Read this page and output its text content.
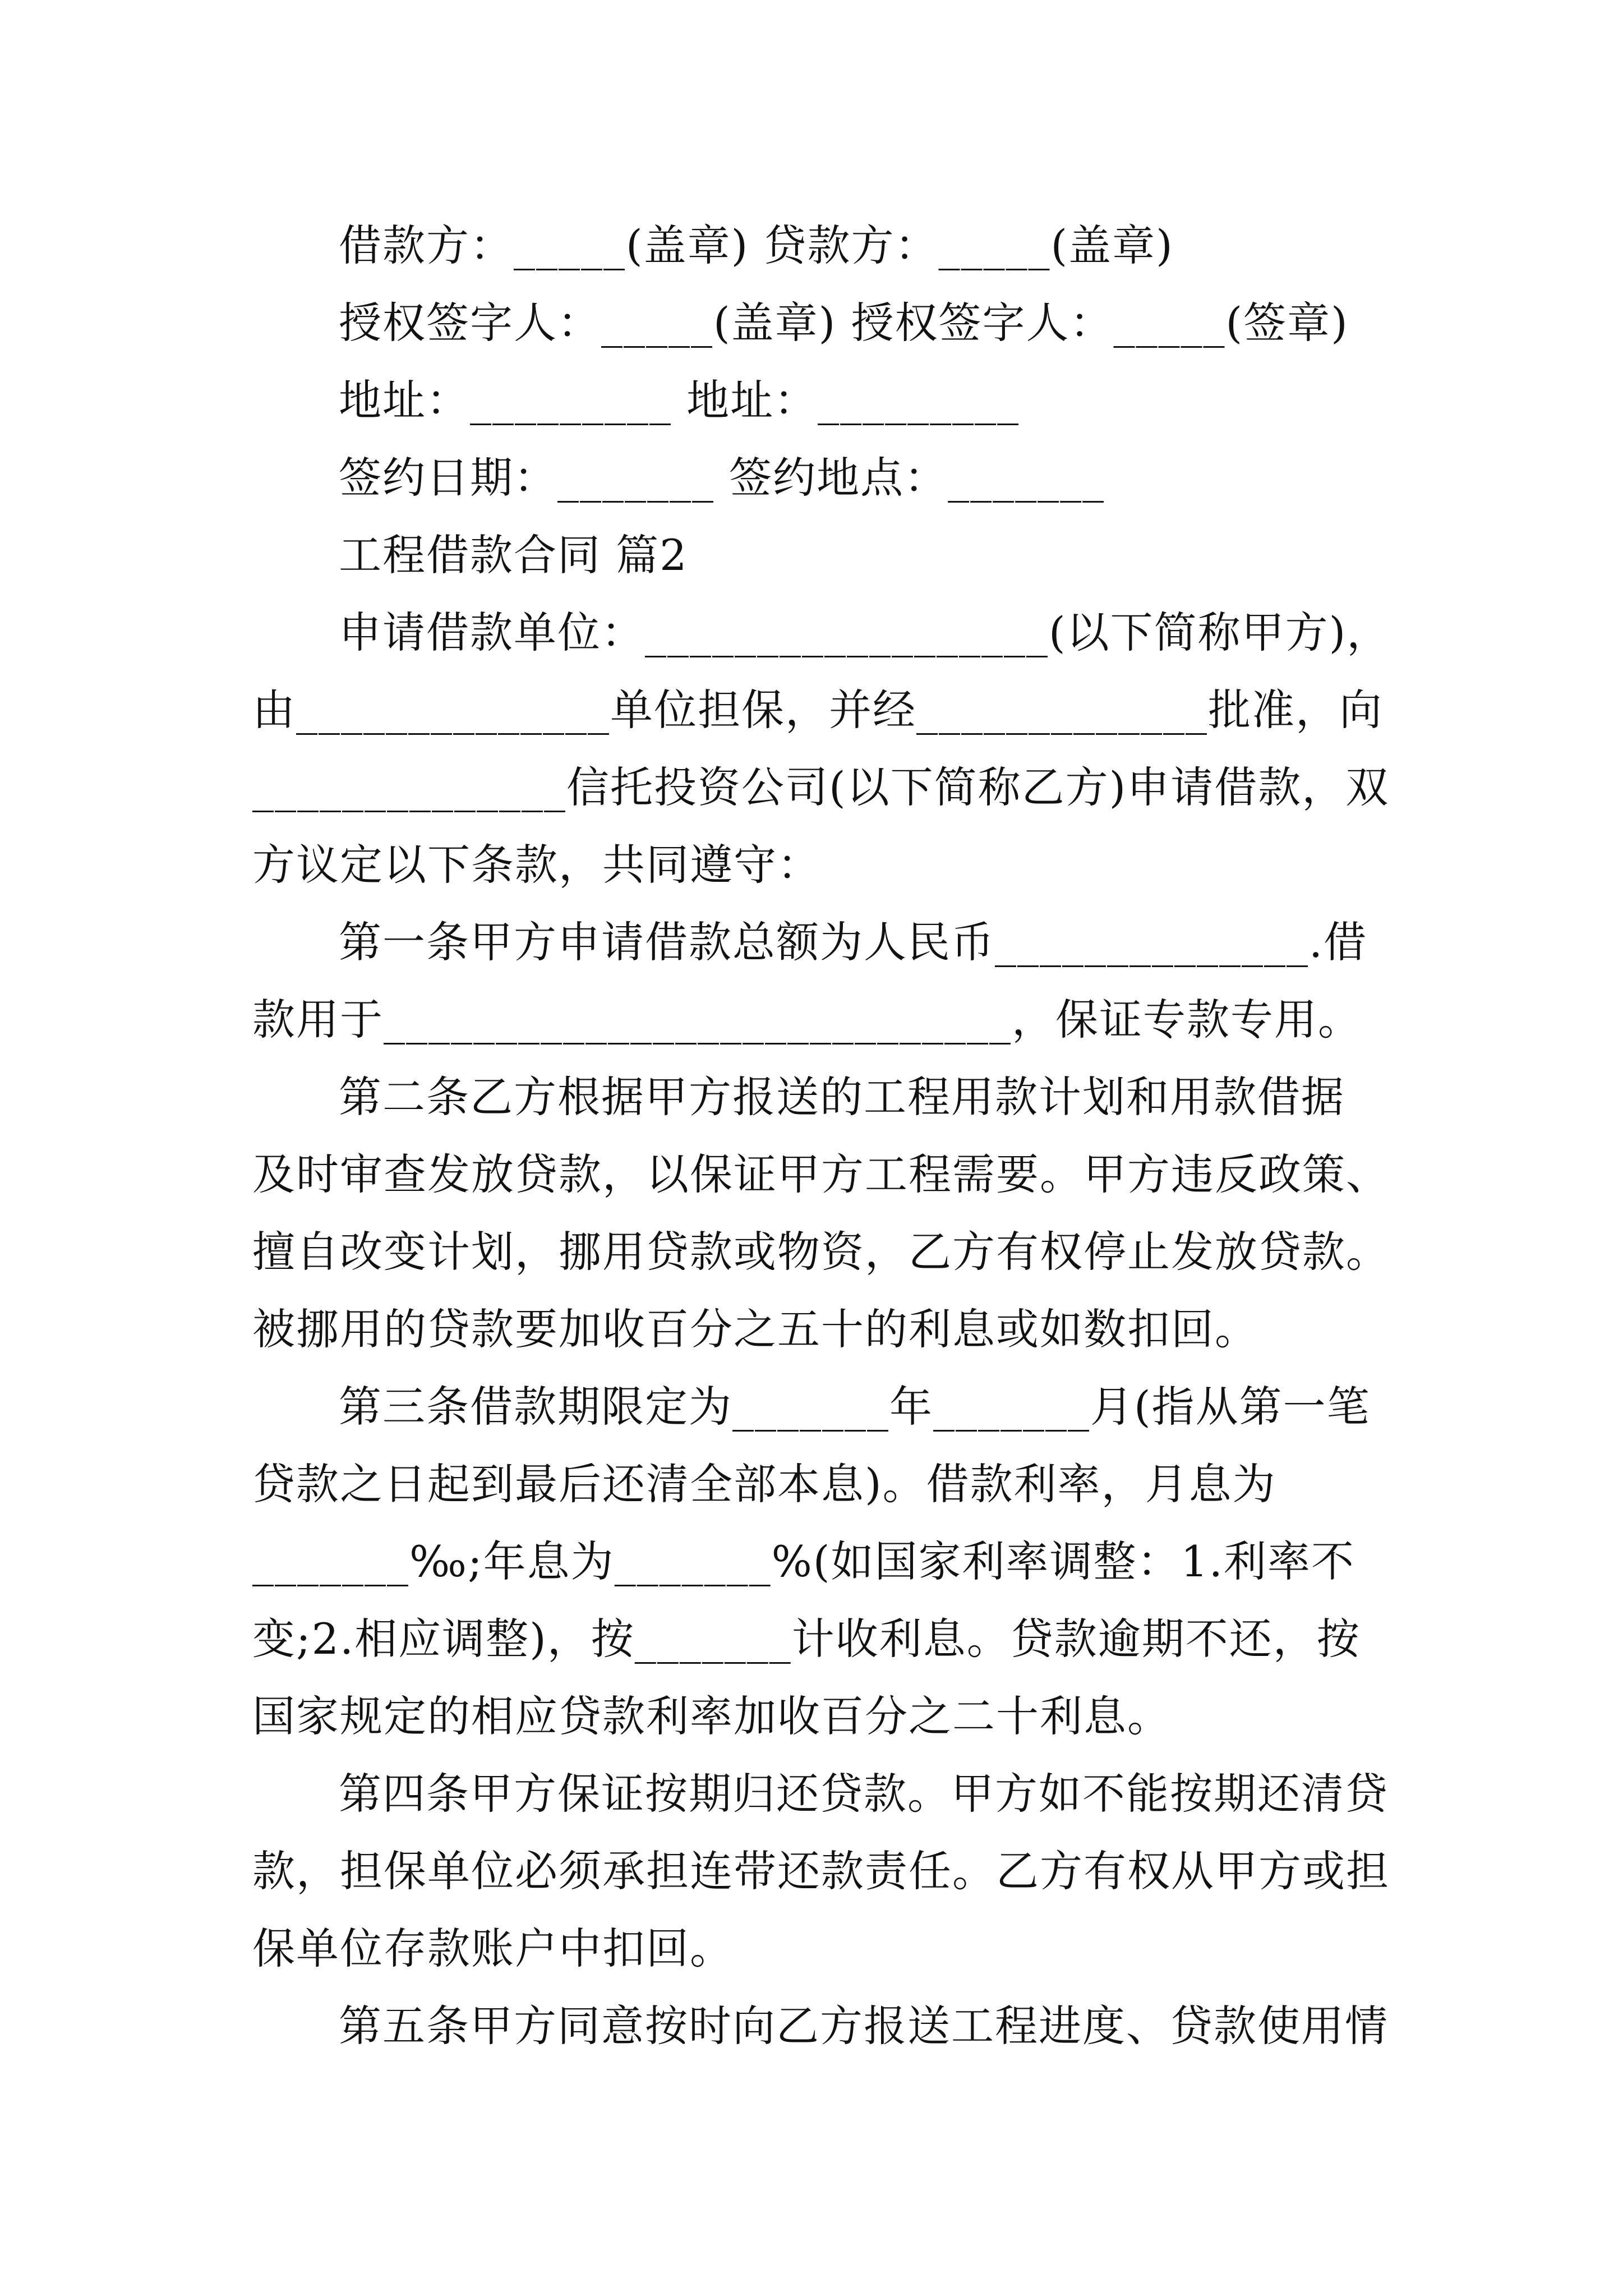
借款方：_____(盖章) 贷款方：_____(盖章)
授权签字人：_____(盖章) 授权签字人：_____(签章)
地址：_________ 地址：_________
签约日期：_______ 签约地点：_______
工程借款合同 篇2
申请借款单位：__________________(以下简称甲方)，
由______________单位担保，并经_____________批准，向
______________信托投资公司(以下简称乙方)申请借款，双
方议定以下条款，共同遵守：
第一条甲方申请借款总额为人民币______________.借
款用于____________________________，保证专款专用。
第二条乙方根据甲方报送的工程用款计划和用款借据
及时审查发放贷款，以保证甲方工程需要。甲方违反政策、
擅自改变计划，挪用贷款或物资，乙方有权停止发放贷款。
被挪用的贷款要加收百分之五十的利息或如数扣回。
第三条借款期限定为_______年_______月(指从第一笔
贷款之日起到最后还清全部本息)。借款利率，月息为
_______‰;年息为_______%(如国家利率调整：1.利率不
变;2.相应调整)，按_______计收利息。贷款逾期不还，按
国家规定的相应贷款利率加收百分之二十利息。
第四条甲方保证按期归还贷款。甲方如不能按期还清贷
款，担保单位必须承担连带还款责任。乙方有权从甲方或担
保单位存款账户中扣回。
第五条甲方同意按时向乙方报送工程进度、贷款使用情
